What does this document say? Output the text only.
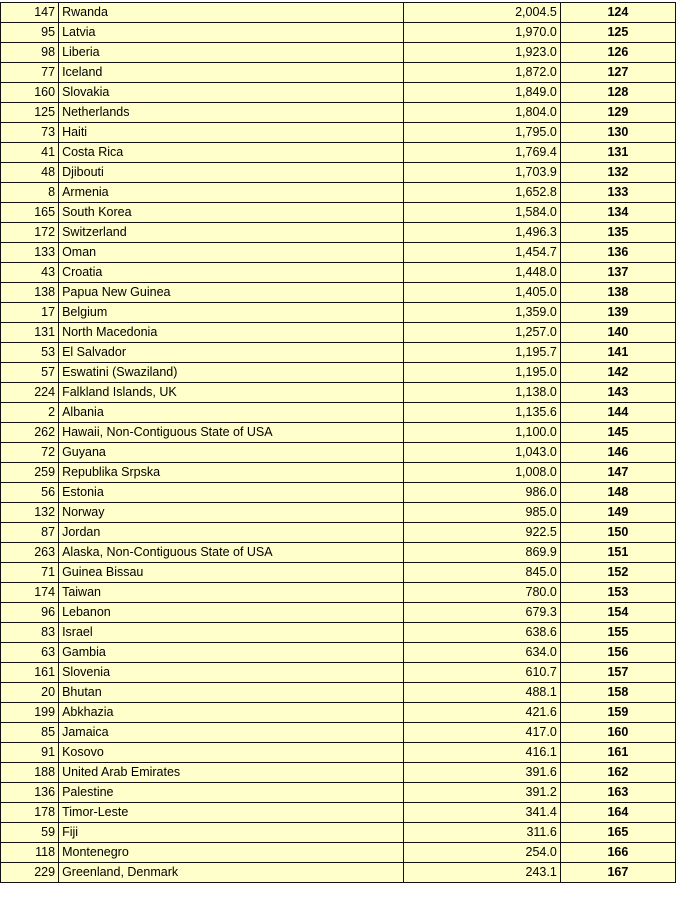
147	Rwanda	2,004.5	124
95	Latvia	1,970.0	125
98	Liberia	1,923.0	126
77	Iceland	1,872.0	127
160	Slovakia	1,849.0	128
125	Netherlands	1,804.0	129
73	Haiti	1,795.0	130
41	Costa Rica	1,769.4	131
48	Djibouti	1,703.9	132
8	Armenia	1,652.8	133
165	South Korea	1,584.0	134
172	Switzerland	1,496.3	135
133	Oman	1,454.7	136
43	Croatia	1,448.0	137
138	Papua New Guinea	1,405.0	138
17	Belgium	1,359.0	139
131	North Macedonia	1,257.0	140
53	El Salvador	1,195.7	141
57	Eswatini (Swaziland)	1,195.0	142
224	Falkland Islands, UK	1,138.0	143
2	Albania	1,135.6	144
262	Hawaii, Non-Contiguous State of USA	1,100.0	145
72	Guyana	1,043.0	146
259	Republika Srpska	1,008.0	147
56	Estonia	986.0	148
132	Norway	985.0	149
87	Jordan	922.5	150
263	Alaska, Non-Contiguous State of USA	869.9	151
71	Guinea Bissau	845.0	152
174	Taiwan	780.0	153
96	Lebanon	679.3	154
83	Israel	638.6	155
63	Gambia	634.0	156
161	Slovenia	610.7	157
20	Bhutan	488.1	158
199	Abkhazia	421.6	159
85	Jamaica	417.0	160
91	Kosovo	416.1	161
188	United Arab Emirates	391.6	162
136	Palestine	391.2	163
178	Timor-Leste	341.4	164
59	Fiji	311.6	165
118	Montenegro	254.0	166
229	Greenland, Denmark	243.1	167
